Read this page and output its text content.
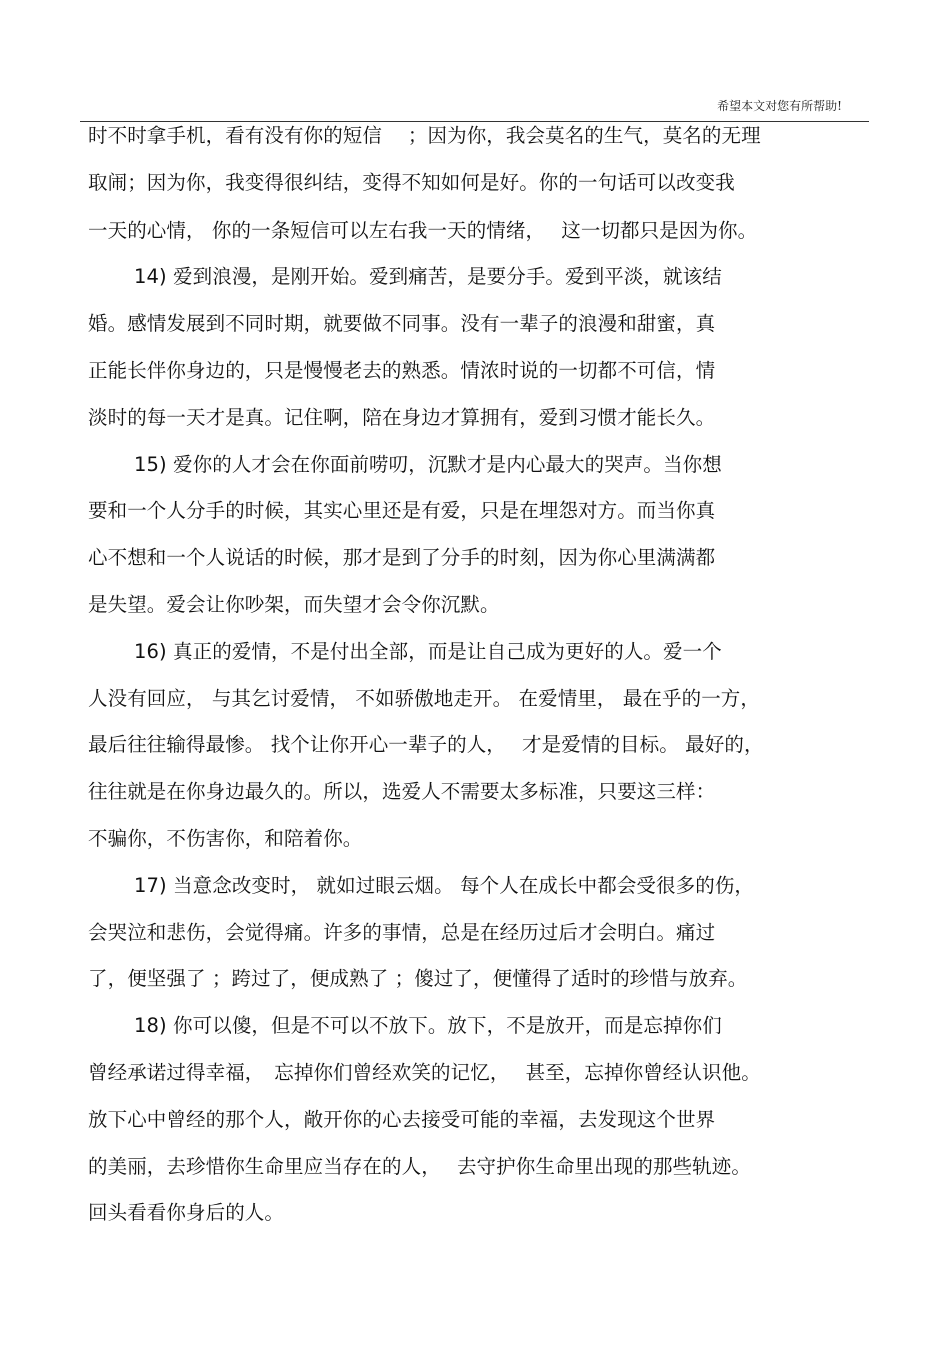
希望本文对您有所帮助!
时不时拿手机，看有没有你的短信　 ；因为你，我会莫名的生气，莫名的无理
取闹；因为你，我变得很纠结，变得不知如何是好。你的一句话可以改变我
一天的心情， 你的一条短信可以左右我一天的情绪，　 这一切都只是因为你。
14) 爱到浪漫，是刚开始。爱到痛苦，是要分手。爱到平淡，就该结
婚。感情发展到不同时期，就要做不同事。没有一辈子的浪漫和甜蜜，真
正能长伴你身边的，只是慢慢老去的熟悉。情浓时说的一切都不可信，情
淡时的每一天才是真。记住啊，陪在身边才算拥有，爱到习惯才能长久。
15) 爱你的人才会在你面前唠叨，沉默才是内心最大的哭声。当你想
要和一个人分手的时候，其实心里还是有爱，只是在埋怨对方。而当你真
心不想和一个人说话的时候，那才是到了分手的时刻，因为你心里满满都
是失望。爱会让你吵架，而失望才会令你沉默。
16) 真正的爱情，不是付出全部，而是让自己成为更好的人。爱一个
人没有回应， 与其乞讨爱情， 不如骄傲地走开。 在爱情里， 最在乎的一方，
最后往往输得最惨。 找个让你开心一辈子的人，　 才是爱情的目标。 最好的，
往往就是在你身边最久的。所以，选爱人不需要太多标准，只要这三样：
不骗你，不伤害你，和陪着你。
17) 当意念改变时， 就如过眼云烟。 每个人在成长中都会受很多的伤，
会哭泣和悲伤，会觉得痛。许多的事情，总是在经历过后才会明白。痛过
了，便坚强了 ；跨过了，便成熟了 ；傻过了，便懂得了适时的珍惜与放弃。
18) 你可以傻，但是不可以不放下。放下，不是放开，而是忘掉你们
曾经承诺过得幸福，　忘掉你们曾经欢笑的记忆，　 甚至，忘掉你曾经认识他。
放下心中曾经的那个人，敞开你的心去接受可能的幸福，去发现这个世界
的美丽，去珍惜你生命里应当存在的人，　 去守护你生命里出现的那些轨迹。
回头看看你身后的人。
